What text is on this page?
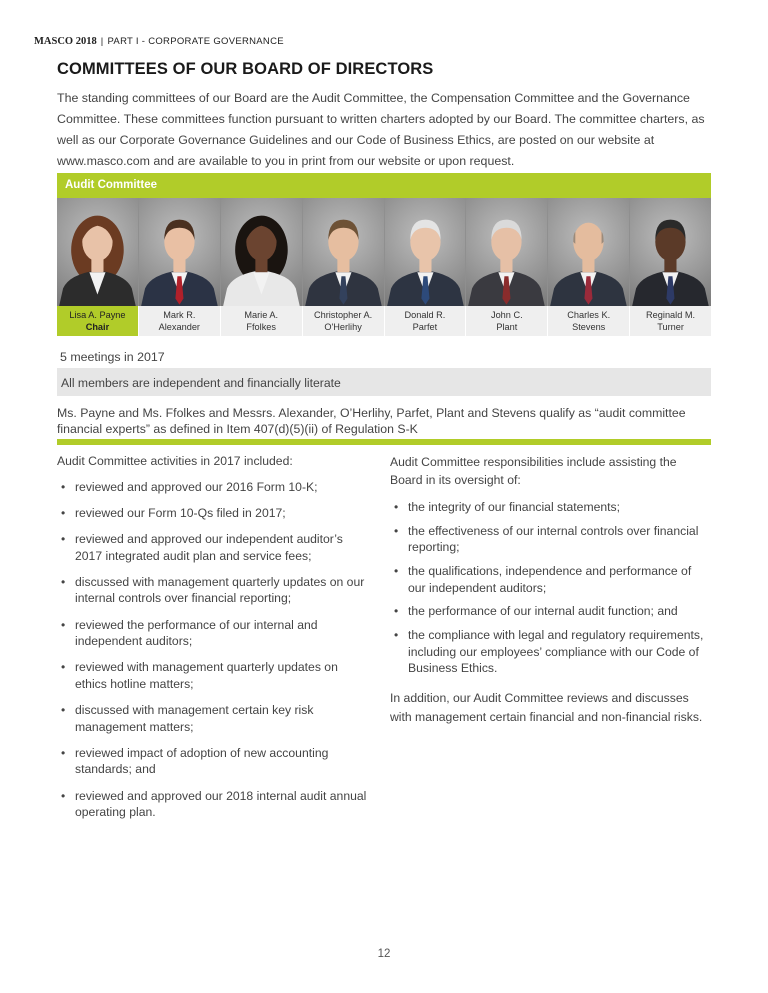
MASCO 2018 | PART I - CORPORATE GOVERNANCE
COMMITTEES OF OUR BOARD OF DIRECTORS
The standing committees of our Board are the Audit Committee, the Compensation Committee and the Governance Committee. These committees function pursuant to written charters adopted by our Board. The committee charters, as well as our Corporate Governance Guidelines and our Code of Business Ethics, are posted on our website at www.masco.com and are available to you in print from our website or upon request.
Audit Committee
Lisa A. Payne

Chair
Mark R.
Alexander
Marie A.
Ffolkes
Christopher A.
O'Herlihy
Donald R.
Parfet
John C.
Plant
Charles K.
Stevens
Reginald M.
Turner
5 meetings in 2017
All members are independent and financially literate
Ms. Payne and Ms. Ffolkes and Messrs. Alexander, O’Herlihy, Parfet, Plant and Stevens qualify as “audit committee financial experts” as defined in Item 407(d)(5)(ii) of Regulation S-K

Audit Committee activities in 2017 included:

• reviewed and approved our 2016 Form 10-K;
• reviewed our Form 10-Qs filed in 2017;
• reviewed and approved our independent auditor’s 2017 integrated audit plan and service fees;
• discussed with management quarterly updates on our internal controls over financial reporting;
• reviewed the performance of our internal and independent auditors;
• reviewed with management quarterly updates on ethics hotline matters;
• discussed with management certain key risk management matters;
• reviewed impact of adoption of new accounting standards; and
• reviewed and approved our 2018 internal audit annual operating plan.

Audit Committee responsibilities include assisting the Board in its oversight of:

• the integrity of our financial statements;
• the effectiveness of our internal controls over financial reporting;
• the qualifications, independence and performance of our independent auditors;
• the performance of our internal audit function; and
• the compliance with legal and regulatory requirements, including our employees’ compliance with our Code of Business Ethics.

In addition, our Audit Committee reviews and discusses with management certain financial and non-financial risks.

12
